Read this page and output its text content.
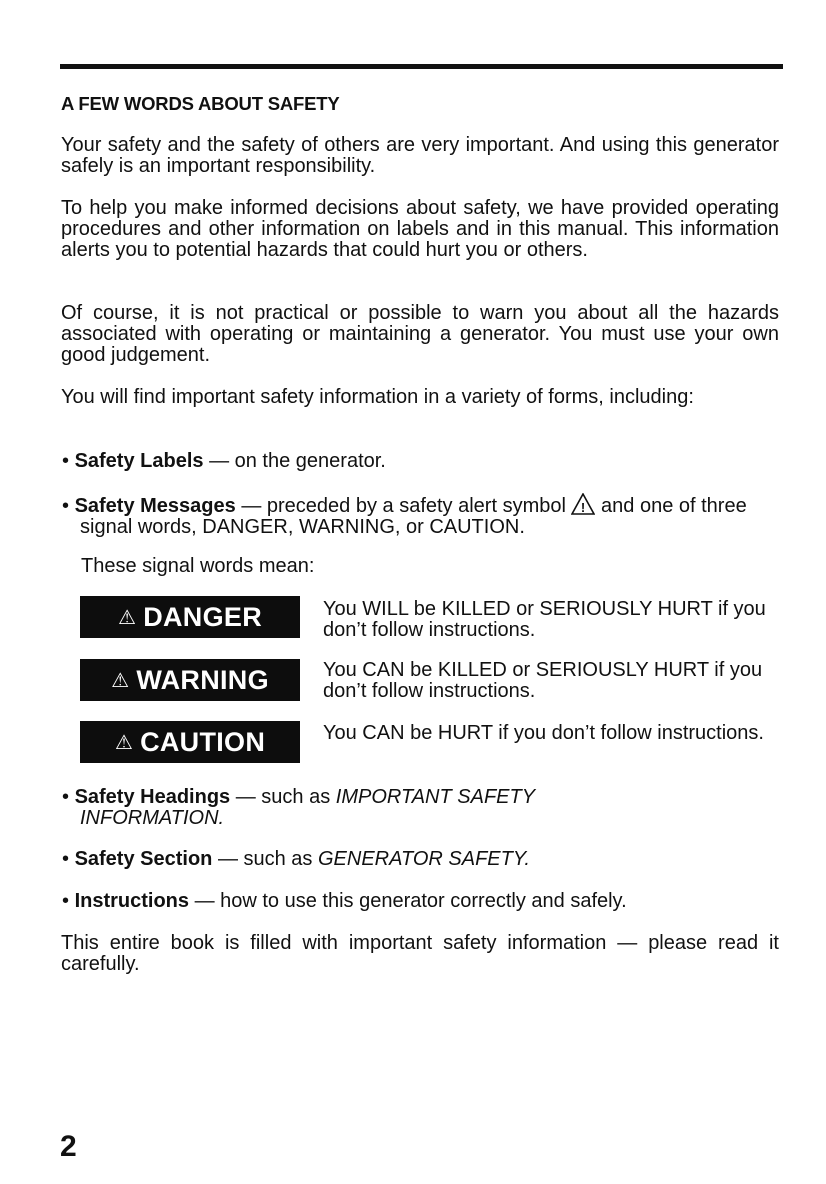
A FEW WORDS ABOUT SAFETY
Your safety and the safety of others are very important. And using this generator safely is an important responsibility.
To help you make informed decisions about safety, we have provided operating procedures and other information on labels and in this manual. This information alerts you to potential hazards that could hurt you or others.
Of course, it is not practical or possible to warn you about all the hazards associated with operating or maintaining a generator. You must use your own good judgement.
You will find important safety information in a variety of forms, including:
• Safety Labels — on the generator.
• Safety Messages — preceded by a safety alert symbol ! and one of three signal words, DANGER, WARNING, or CAUTION.
These signal words mean:
⚠ DANGER	You WILL be KILLED or SERIOUSLY HURT if you don’t follow instructions.
⚠ WARNING	You CAN be KILLED or SERIOUSLY HURT if you don’t follow instructions.
⚠ CAUTION	You CAN be HURT if you don’t follow instructions.
• Safety Headings — such as IMPORTANT SAFETY INFORMATION.
• Safety Section — such as GENERATOR SAFETY.
• Instructions — how to use this generator correctly and safely.
This entire book is filled with important safety information — please read it carefully.
2
